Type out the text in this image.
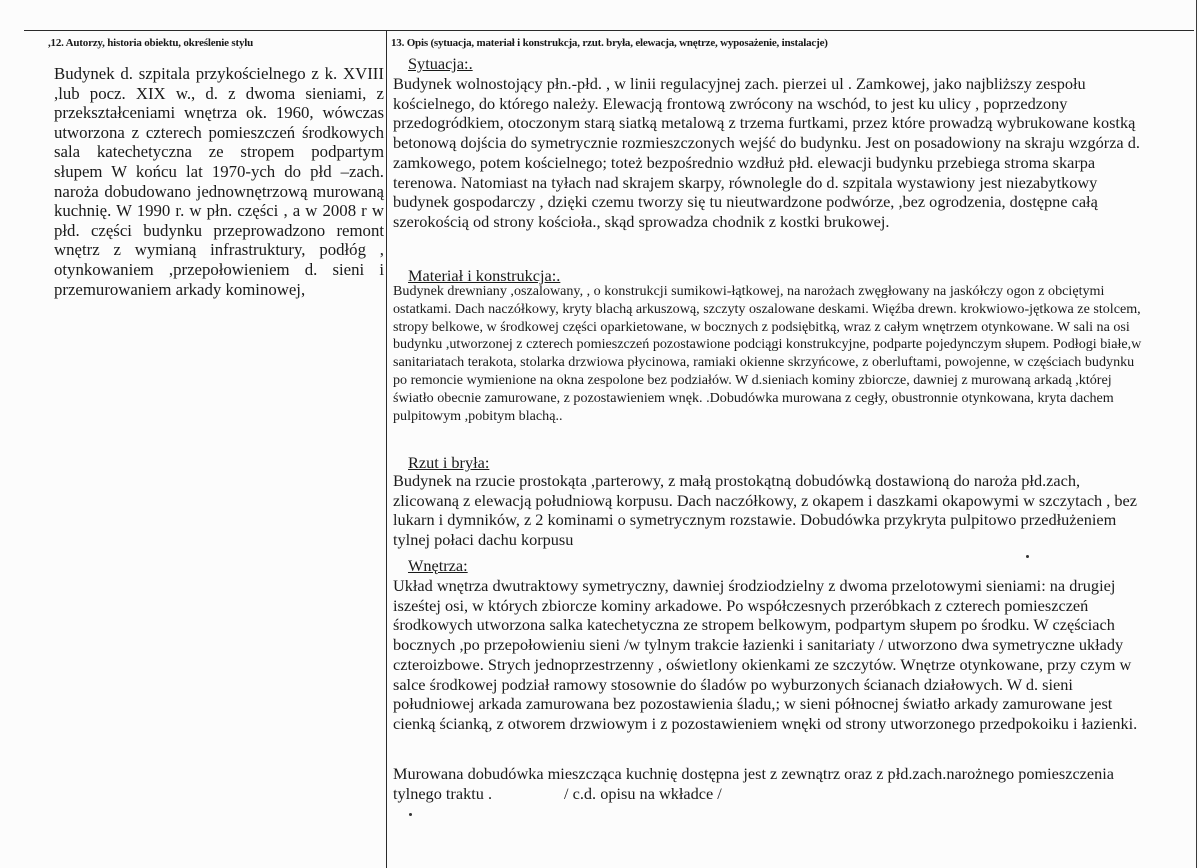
,12. Autorzy, historia obiektu, określenie stylu	13. Opis (sytuacja, materiał i konstrukcja, rzut. bryła, elewacja, wnętrze, wyposażenie, instalacje)

Budynek d. szpitala przykościelnego z k. XVIII ,lub pocz. XIX w., d. z dwoma sieniami, z przekształceniami wnętrza ok. 1960, wówczas utworzona z czterech pomieszczeń środkowych sala katechetyczna ze stropem podpartym słupem W końcu lat 1970-ych do płd –zach. naroża dobudowano jednownętrzową murowaną kuchnię. W 1990 r. w płn. części , a w 2008 r w płd. części budynku przeprowadzono remont wnętrz z wymianą infrastruktury, podłóg , otynkowaniem ,przepołowieniem d. sieni i przemurowaniem arkady kominowej,

Sytuacja:.

Budynek wolnostojący płn.-płd. , w linii regulacyjnej zach. pierzei ul . Zamkowej, jako najbliższy zespołu kościelnego, do którego należy. Elewacją frontową zwrócony na wschód, to jest ku ulicy , poprzedzony przedogródkiem, otoczonym starą siatką metalową z trzema furtkami, przez które prowadzą wybrukowane kostką betonową dojścia do symetrycznie rozmieszczonych wejść do budynku. Jest on posadowiony na skraju wzgórza d. zamkowego, potem kościelnego; toteż bezpośrednio wzdłuż płd. elewacji budynku przebiega stroma skarpa terenowa. Natomiast na tyłach nad skrajem skarpy, równolegle do d. szpitala wystawiony jest niezabytkowy budynek gospodarczy , dzięki czemu tworzy się tu nieutwardzone podwórze, ,bez ogrodzenia, dostępne całą szerokością od strony kościoła., skąd sprowadza chodnik z kostki brukowej.

Materiał i konstrukcja:.

Budynek drewniany ,oszalowany, , o konstrukcji sumikowi-łątkowej, na narożach zwęgłowany na jaskółczy ogon z obciętymi ostatkami. Dach naczółkowy, kryty blachą arkuszową, szczyty oszalowane deskami. Więźba drewn. krokwiowo-jętkowa ze stolcem, stropy belkowe, w środkowej części oparkietowane, w bocznych z podsiębitką, wraz z całym wnętrzem otynkowane. W sali na osi budynku ,utworzonej z czterech pomieszczeń pozostawione podciągi konstrukcyjne, podparte pojedynczym słupem. Podłogi białe,w sanitariatach terakota, stolarka drzwiowa płycinowa, ramiaki okienne skrzyńcowe, z oberluftami, powojenne, w częściach budynku po remoncie wymienione na okna zespolone bez podziałów. W d.sieniach kominy zbiorcze, dawniej z murowaną arkadą ,której światło obecnie zamurowane, z pozostawieniem wnęk. .Dobudówka murowana z cegły, obustronnie otynkowana, kryta dachem pulpitowym ,pobitym blachą..

Rzut i bryła:

Budynek na rzucie prostokąta ,parterowy, z małą prostokątną dobudówką dostawioną do naroża płd.zach, zlicowaną z elewacją południową korpusu. Dach naczółkowy, z okapem i daszkami okapowymi w szczytach , bez lukarn i dymników, z 2 kominami o symetrycznym rozstawie. Dobudówka przykryta pulpitowo przedłużeniem tylnej połaci dachu korpusu

Wnętrza:

Układ wnętrza dwutraktowy symetryczny, dawniej środziodzielny z dwoma przelotowymi sieniami: na drugiej isześtej osi, w których zbiorcze kominy arkadowe. Po współczesnych przeróbkach z czterech pomieszczeń środkowych utworzona salka katechetyczna ze stropem belkowym, podpartym słupem po środku. W częściach bocznych ,po przepołowieniu sieni /w tylnym trakcie łazienki i sanitariaty / utworzono dwa symetryczne układy czteroizbowe. Strych jednoprzestrzenny , oświetlony okienkami ze szczytów. Wnętrze otynkowane, przy czym w salce środkowej podział ramowy stosownie do śladów po wyburzonych ścianach działowych. W d. sieni południowej arkada zamurowana bez pozostawienia śladu,; w sieni północnej światło arkady zamurowane jest cienką ścianką, z otworem drzwiowym i z pozostawieniem wnęki od strony utworzonego przedpokoiku i łazienki.

Murowana dobudówka mieszcząca kuchnię dostępna jest z zewnątrz oraz z płd.zach.narożnego pomieszczenia tylnego traktu .	/ c.d. opisu na wkładce /
